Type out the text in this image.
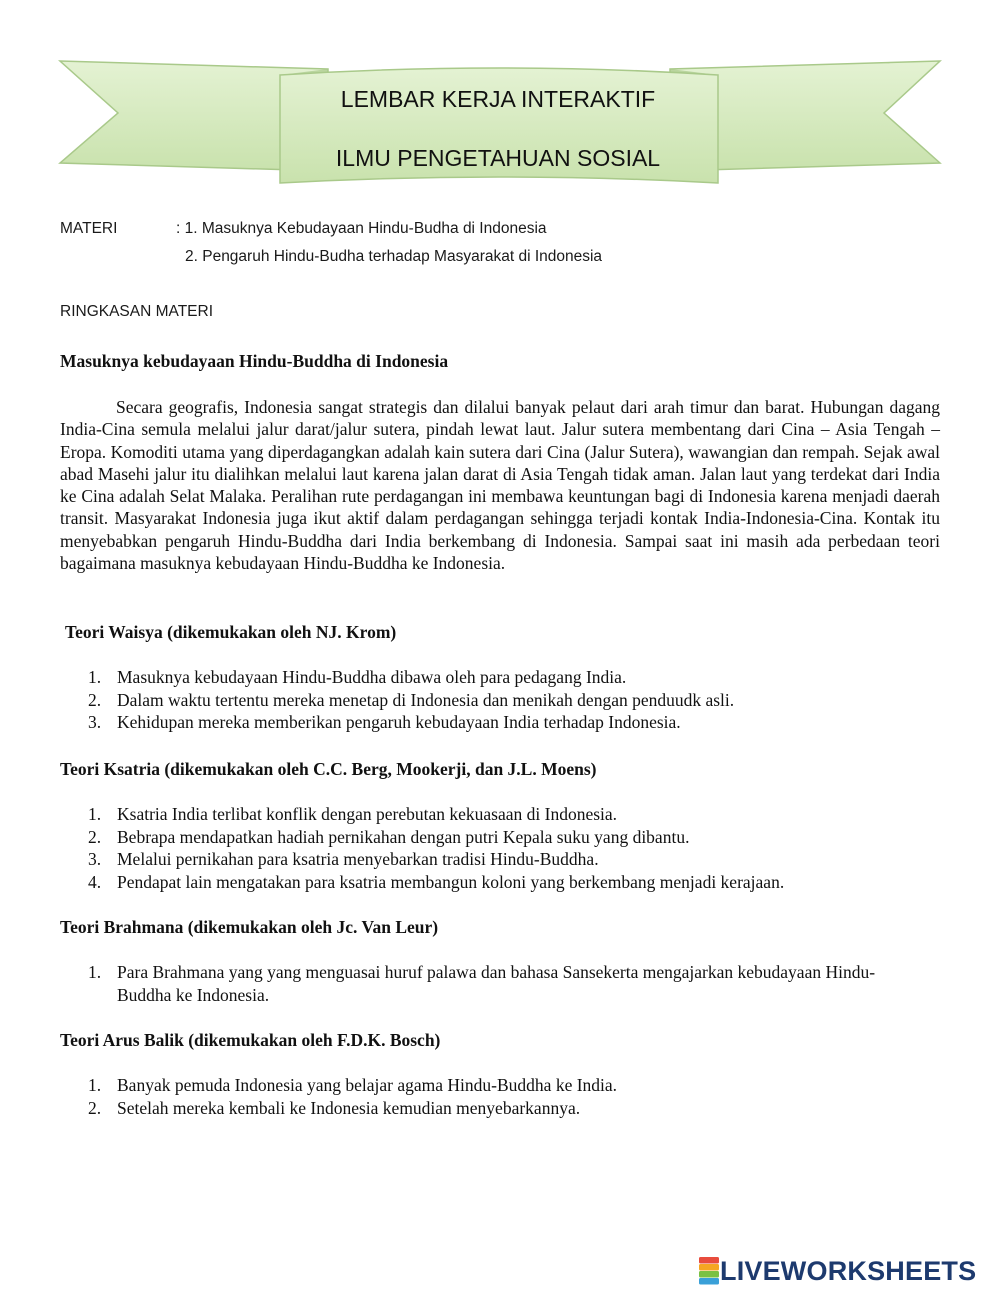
LEMBAR KERJA INTERAKTIF
ILMU PENGETAHUAN SOSIAL
MATERI	: 1. Masuknya Kebudayaan Hindu-Budha di Indonesia
2. Pengaruh Hindu-Budha terhadap Masyarakat di Indonesia
RINGKASAN MATERI
Masuknya kebudayaan Hindu-Buddha di Indonesia

Secara geografis, Indonesia sangat strategis dan dilalui banyak pelaut dari arah timur dan barat. Hubungan dagang India-Cina semula melalui jalur darat/jalur sutera, pindah lewat laut. Jalur sutera membentang dari Cina – Asia Tengah – Eropa. Komoditi utama yang diperdagangkan adalah kain sutera dari Cina (Jalur Sutera), wawangian dan rempah. Sejak awal abad Masehi jalur itu dialihkan melalui laut karena jalan darat di Asia Tengah tidak aman. Jalan laut yang terdekat dari India ke Cina adalah Selat Malaka. Peralihan rute perdagangan ini membawa keuntungan bagi di Indonesia karena menjadi daerah transit. Masyarakat Indonesia juga ikut aktif dalam perdagangan sehingga terjadi kontak India-Indonesia-Cina. Kontak itu menyebabkan pengaruh Hindu-Buddha dari India berkembang di Indonesia. Sampai saat ini masih ada perbedaan teori bagaimana masuknya kebudayaan Hindu-Buddha ke Indonesia.

Teori Waisya (dikemukakan oleh NJ. Krom)
1. Masuknya kebudayaan Hindu-Buddha dibawa oleh para pedagang India.
2. Dalam waktu tertentu mereka menetap di Indonesia dan menikah dengan penduudk asli.
3. Kehidupan mereka memberikan pengaruh kebudayaan India terhadap Indonesia.
Teori Ksatria (dikemukakan oleh C.C. Berg, Mookerji, dan J.L. Moens)
1. Ksatria India terlibat konflik dengan perebutan kekuasaan di Indonesia.
2. Bebrapa mendapatkan hadiah pernikahan dengan putri Kepala suku yang dibantu.
3. Melalui pernikahan para ksatria menyebarkan tradisi Hindu-Buddha.
4. Pendapat lain mengatakan para ksatria membangun koloni yang berkembang menjadi kerajaan.
Teori Brahmana (dikemukakan oleh Jc. Van Leur)
1. Para Brahmana yang yang menguasai huruf palawa dan bahasa Sansekerta mengajarkan kebudayaan Hindu-Buddha ke Indonesia.
Teori Arus Balik (dikemukakan oleh F.D.K. Bosch)
1. Banyak pemuda Indonesia yang belajar agama Hindu-Buddha ke India.
2. Setelah mereka kembali ke Indonesia kemudian menyebarkannya.
LIVEWORKSHEETS
